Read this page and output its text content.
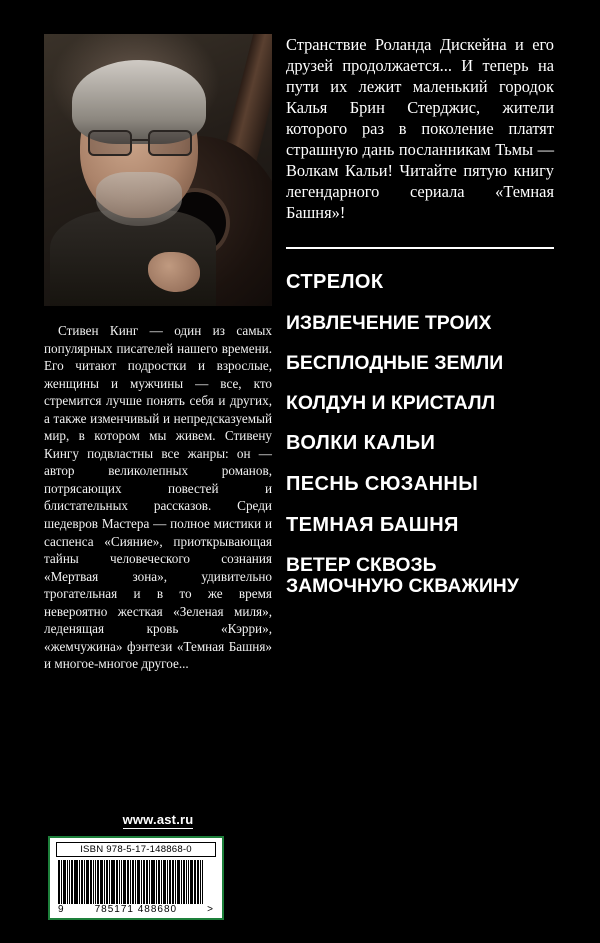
Стивен Кинг — один из самых популярных писателей нашего времени. Его читают подростки и взрослые, женщины и мужчины — все, кто стремится лучше понять себя и других, а также изменчивый и непредсказуемый мир, в котором мы живем. Стивену Кингу подвластны все жанры: он — автор великолепных романов, потрясающих повестей и блистательных рассказов. Среди шедевров Мастера — полное мистики и саспенса «Сияние», приоткрывающая тайны человеческого сознания «Мертвая зона», удивительно трогательная и в то же время невероятно жесткая «Зеленая миля», леденящая кровь «Кэрри», «жемчужина» фэнтези «Темная Башня» и многое-многое другое...

www.ast.ru
ISBN 978-5-17-148868-0
9	785171 488680	>

Странствие Роланда Дискейна и его друзей продолжается... И теперь на пути их лежит маленький городок Калья Брин Стерджис, жители которого раз в поколение платят страшную дань посланникам Тьмы — Волкам Кальи! Читайте пятую книгу легендарного сериала «Темная Башня»!

СТРЕЛОК
ИЗВЛЕЧЕНИЕ ТРОИХ
БЕСПЛОДНЫЕ ЗЕМЛИ
КОЛДУН И КРИСТАЛЛ
ВОЛКИ КАЛЬИ
ПЕСНЬ СЮЗАННЫ
ТЕМНАЯ БАШНЯ
ВЕТЕР СКВОЗЬ
ЗАМОЧНУЮ СКВАЖИНУ
